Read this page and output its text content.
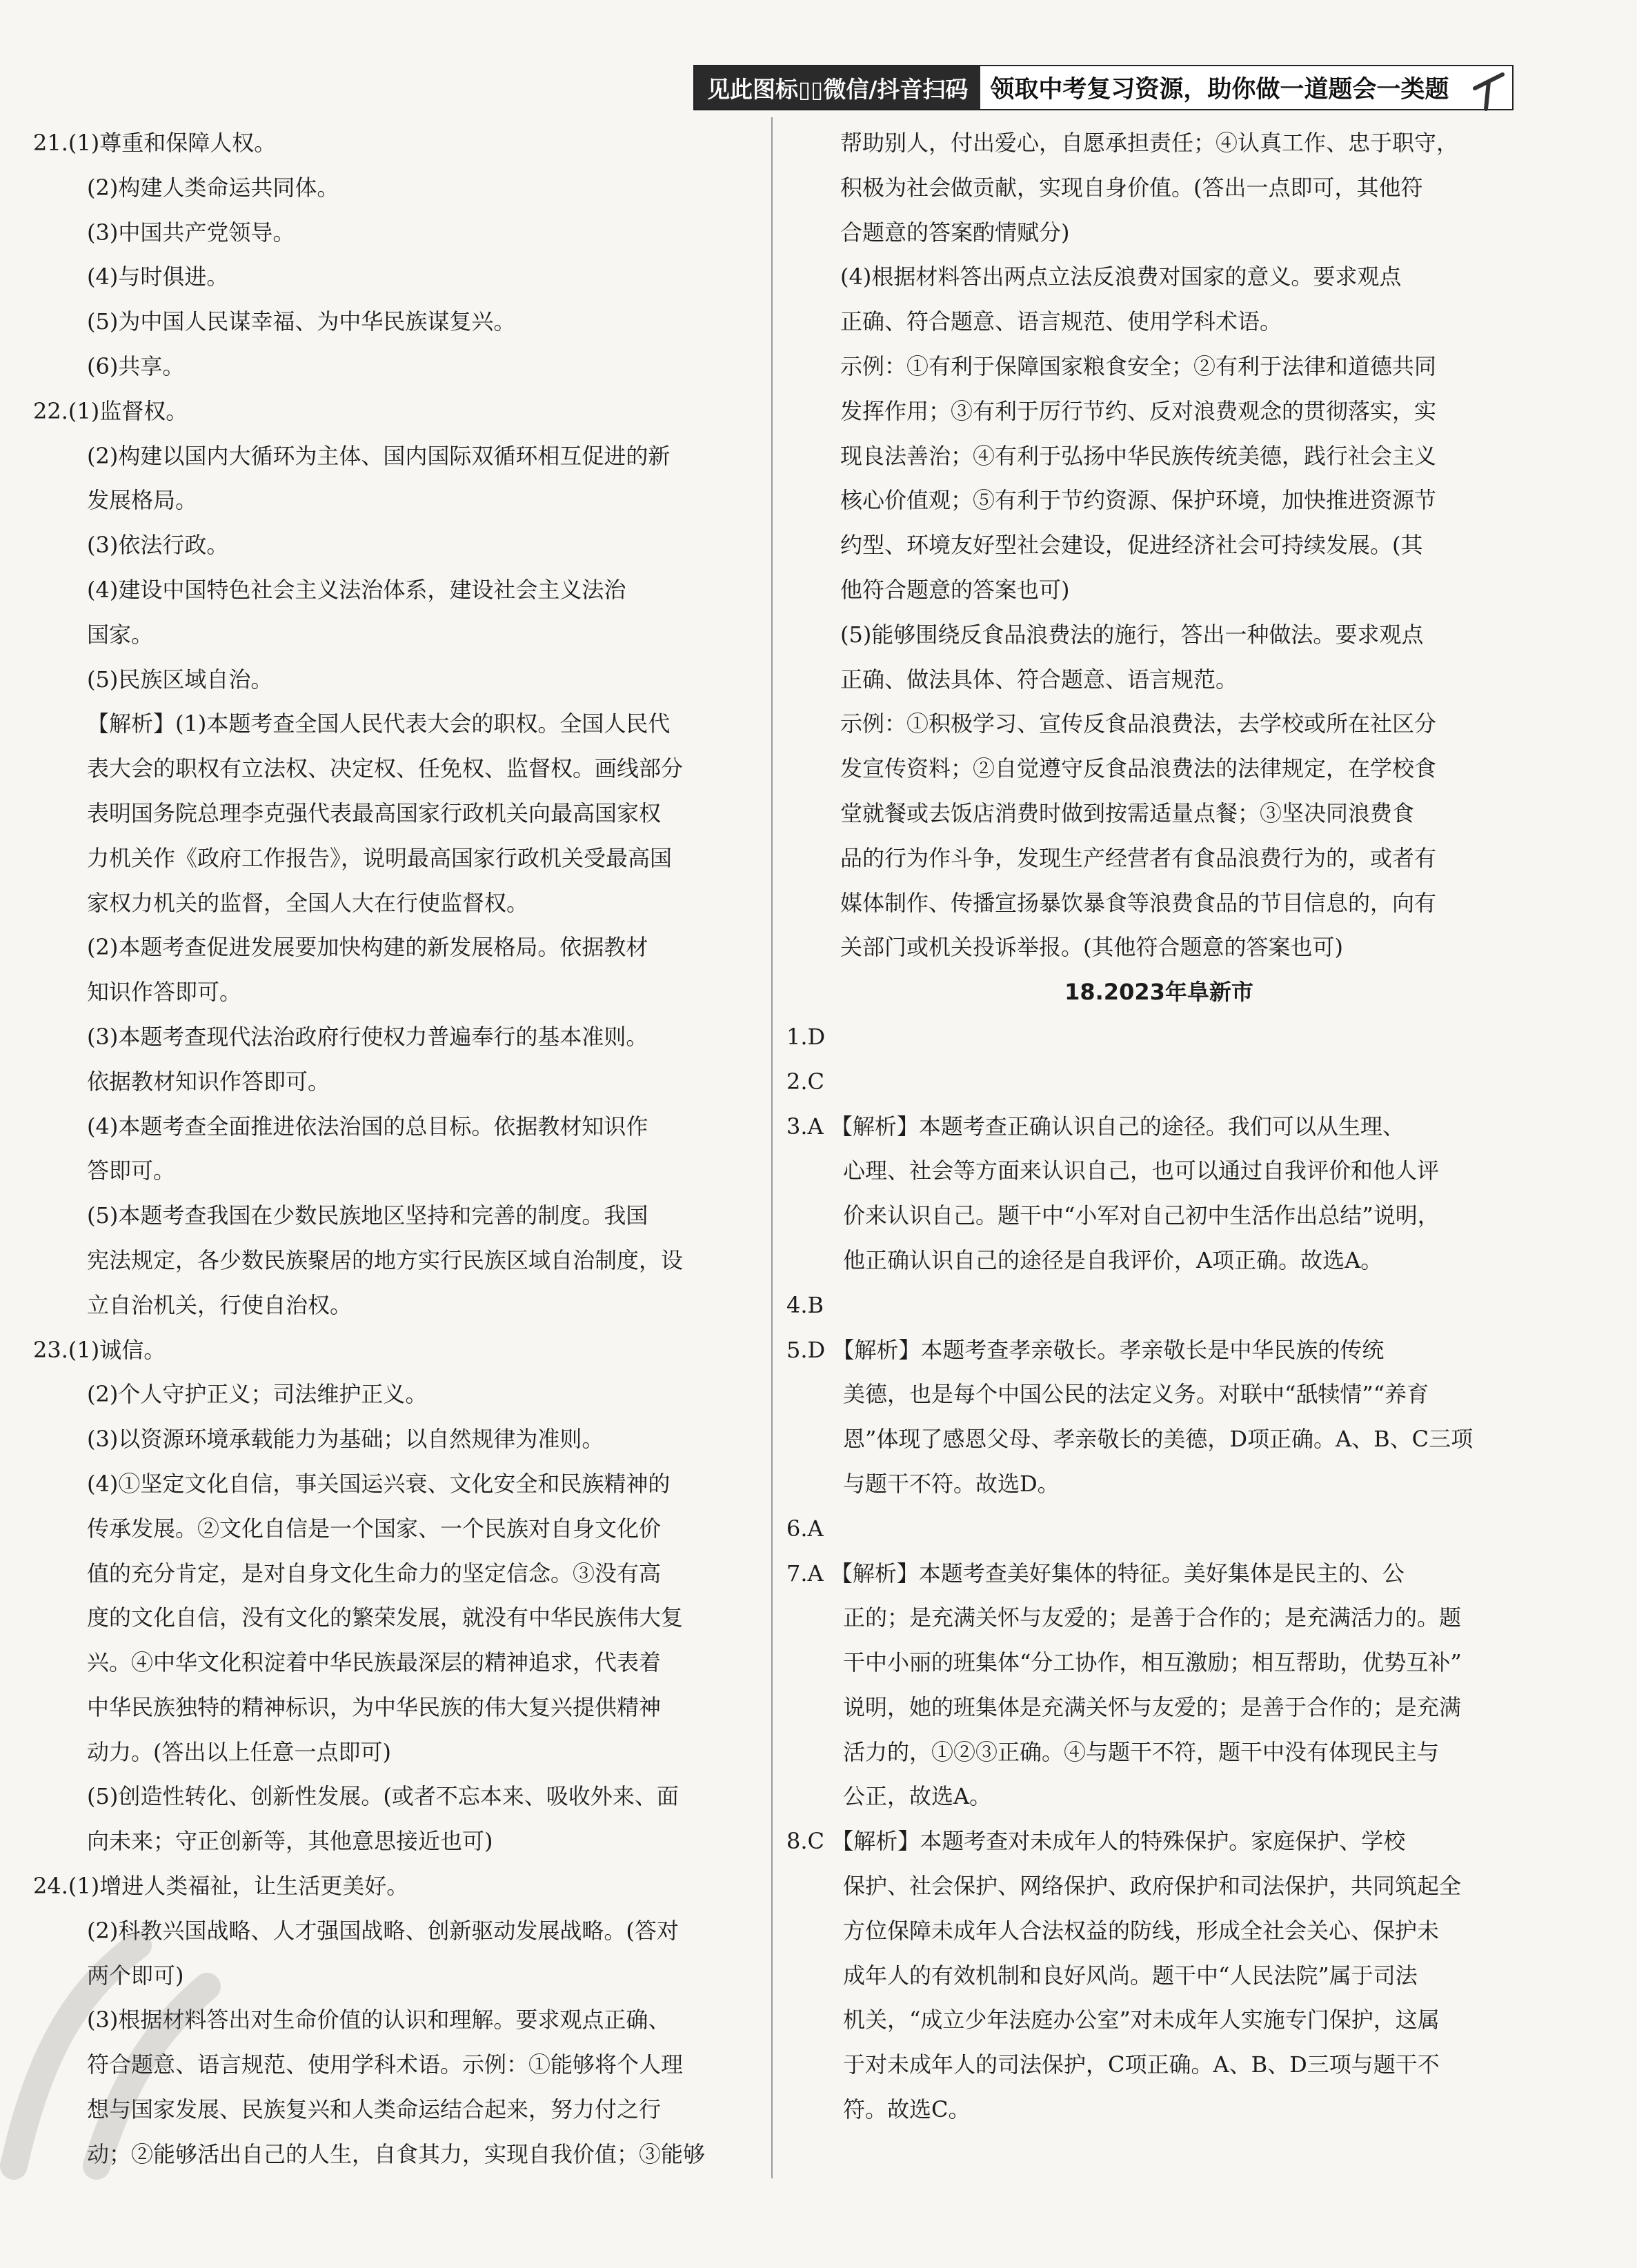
见此图标▯▯微信/抖音扫码 领取中考复习资源，助你做一道题会一类题
21.(1)尊重和保障人权。
(2)构建人类命运共同体。
(3)中国共产党领导。
(4)与时俱进。
(5)为中国人民谋幸福、为中华民族谋复兴。
(6)共享。
22.(1)监督权。
(2)构建以国内大循环为主体、国内国际双循环相互促进的新
发展格局。
(3)依法行政。
(4)建设中国特色社会主义法治体系，建设社会主义法治
国家。
(5)民族区域自治。
【解析】(1)本题考查全国人民代表大会的职权。全国人民代
表大会的职权有立法权、决定权、任免权、监督权。画线部分
表明国务院总理李克强代表最高国家行政机关向最高国家权
力机关作《政府工作报告》，说明最高国家行政机关受最高国
家权力机关的监督，全国人大在行使监督权。
(2)本题考查促进发展要加快构建的新发展格局。依据教材
知识作答即可。
(3)本题考查现代法治政府行使权力普遍奉行的基本准则。
依据教材知识作答即可。
(4)本题考查全面推进依法治国的总目标。依据教材知识作
答即可。
(5)本题考查我国在少数民族地区坚持和完善的制度。我国
宪法规定，各少数民族聚居的地方实行民族区域自治制度，设
立自治机关，行使自治权。
23.(1)诚信。
(2)个人守护正义；司法维护正义。
(3)以资源环境承载能力为基础；以自然规律为准则。
(4)①坚定文化自信，事关国运兴衰、文化安全和民族精神的
传承发展。②文化自信是一个国家、一个民族对自身文化价
值的充分肯定，是对自身文化生命力的坚定信念。③没有高
度的文化自信，没有文化的繁荣发展，就没有中华民族伟大复
兴。④中华文化积淀着中华民族最深层的精神追求，代表着
中华民族独特的精神标识，为中华民族的伟大复兴提供精神
动力。(答出以上任意一点即可)
(5)创造性转化、创新性发展。(或者不忘本来、吸收外来、面
向未来；守正创新等，其他意思接近也可)
24.(1)增进人类福祉，让生活更美好。
(2)科教兴国战略、人才强国战略、创新驱动发展战略。(答对
两个即可)
(3)根据材料答出对生命价值的认识和理解。要求观点正确、
符合题意、语言规范、使用学科术语。示例：①能够将个人理
想与国家发展、民族复兴和人类命运结合起来，努力付之行
动；②能够活出自己的人生，自食其力，实现自我价值；③能够
帮助别人，付出爱心，自愿承担责任；④认真工作、忠于职守，
积极为社会做贡献，实现自身价值。(答出一点即可，其他符
合题意的答案酌情赋分)
(4)根据材料答出两点立法反浪费对国家的意义。要求观点
正确、符合题意、语言规范、使用学科术语。
示例：①有利于保障国家粮食安全；②有利于法律和道德共同
发挥作用；③有利于厉行节约、反对浪费观念的贯彻落实，实
现良法善治；④有利于弘扬中华民族传统美德，践行社会主义
核心价值观；⑤有利于节约资源、保护环境，加快推进资源节
约型、环境友好型社会建设，促进经济社会可持续发展。(其
他符合题意的答案也可)
(5)能够围绕反食品浪费法的施行，答出一种做法。要求观点
正确、做法具体、符合题意、语言规范。
示例：①积极学习、宣传反食品浪费法，去学校或所在社区分
发宣传资料；②自觉遵守反食品浪费法的法律规定，在学校食
堂就餐或去饭店消费时做到按需适量点餐；③坚决同浪费食
品的行为作斗争，发现生产经营者有食品浪费行为的，或者有
媒体制作、传播宣扬暴饮暴食等浪费食品的节目信息的，向有
关部门或机关投诉举报。(其他符合题意的答案也可)
18.2023年阜新市
1.D
2.C
3.A 【解析】本题考查正确认识自己的途径。我们可以从生理、
心理、社会等方面来认识自己，也可以通过自我评价和他人评
价来认识自己。题干中“小军对自己初中生活作出总结”说明，
他正确认识自己的途径是自我评价，A项正确。故选A。
4.B
5.D 【解析】本题考查孝亲敬长。孝亲敬长是中华民族的传统
美德，也是每个中国公民的法定义务。对联中“舐犊情”“养育
恩”体现了感恩父母、孝亲敬长的美德，D项正确。A、B、C三项
与题干不符。故选D。
6.A
7.A 【解析】本题考查美好集体的特征。美好集体是民主的、公
正的；是充满关怀与友爱的；是善于合作的；是充满活力的。题
干中小丽的班集体“分工协作，相互激励；相互帮助，优势互补”
说明，她的班集体是充满关怀与友爱的；是善于合作的；是充满
活力的，①②③正确。④与题干不符，题干中没有体现民主与
公正，故选A。
8.C 【解析】本题考查对未成年人的特殊保护。家庭保护、学校
保护、社会保护、网络保护、政府保护和司法保护，共同筑起全
方位保障未成年人合法权益的防线，形成全社会关心、保护未
成年人的有效机制和良好风尚。题干中“人民法院”属于司法
机关，“成立少年法庭办公室”对未成年人实施专门保护，这属
于对未成年人的司法保护，C项正确。A、B、D三项与题干不
符。故选C。
